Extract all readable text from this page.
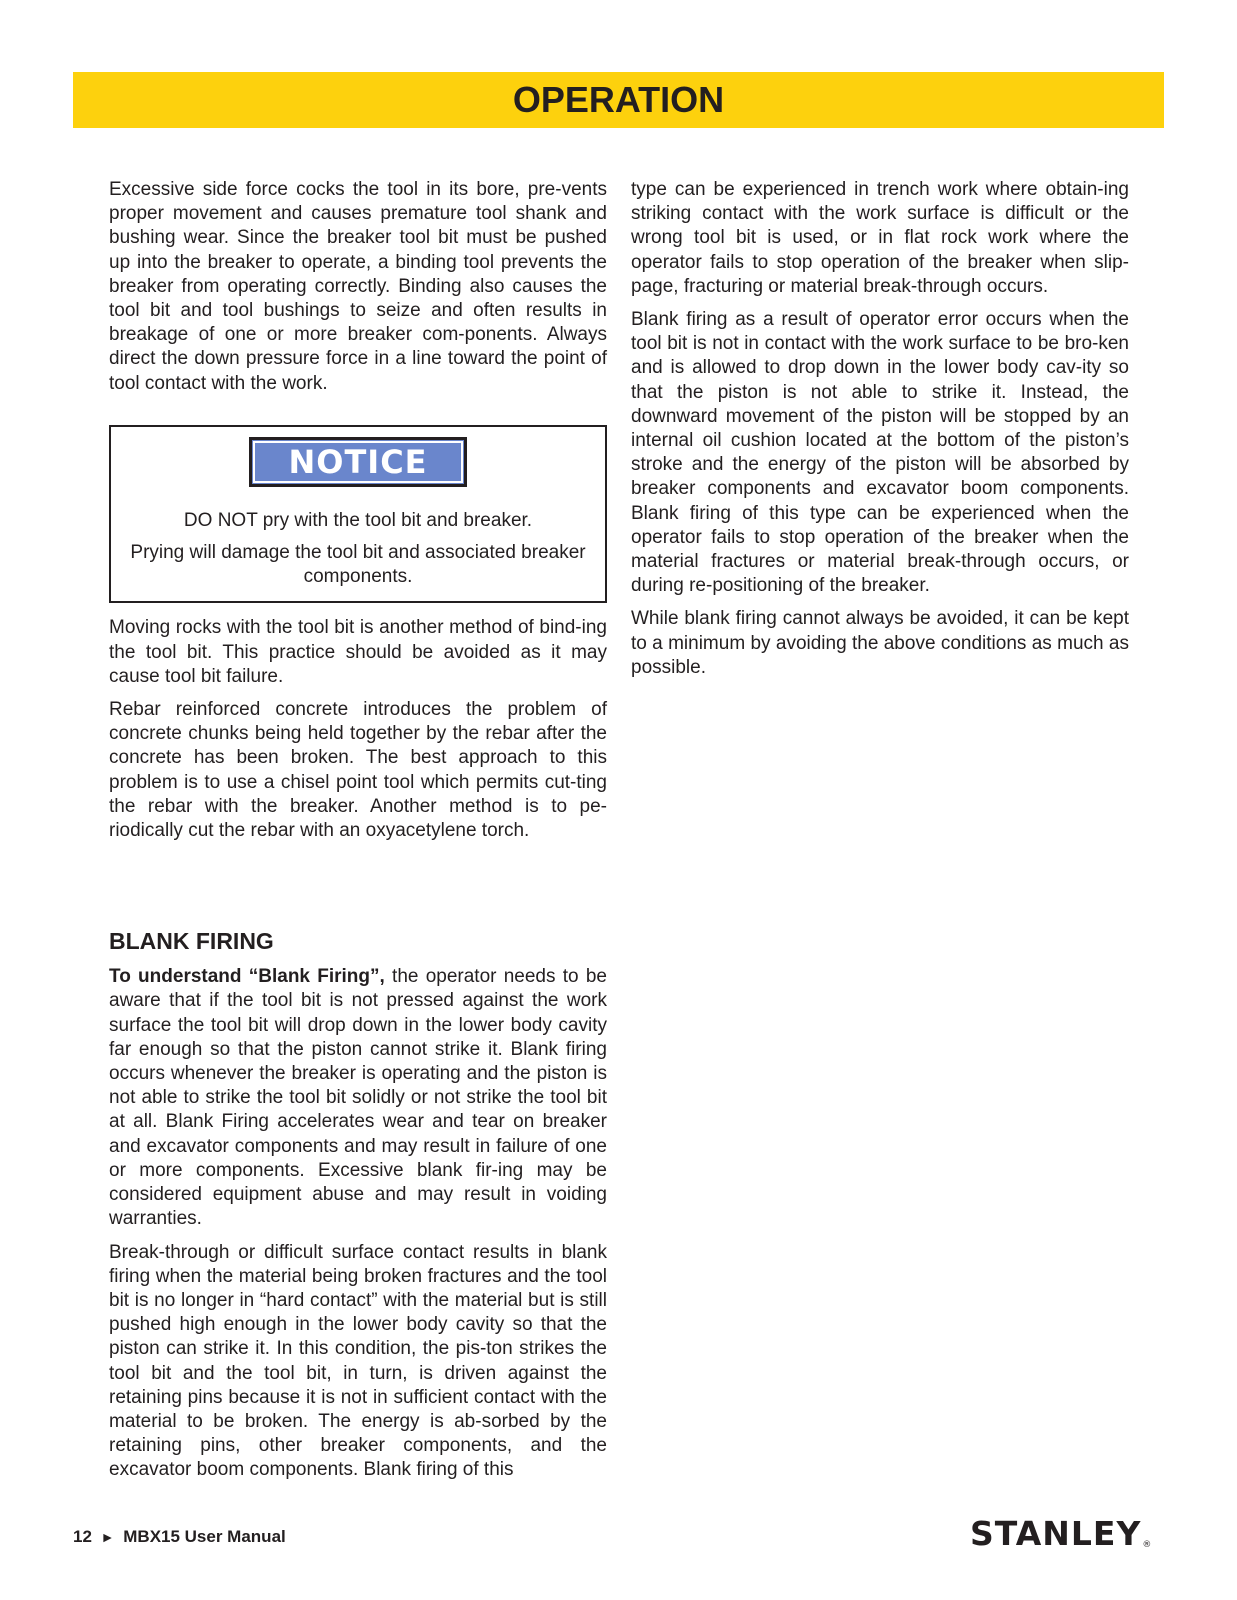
OPERATION

Excessive side force cocks the tool in its bore, pre-vents proper movement and causes premature tool shank and bushing wear. Since the breaker tool bit must be pushed up into the breaker to operate, a binding tool prevents the breaker from operating correctly. Binding also causes the tool bit and tool bushings to seize and often results in breakage of one or more breaker com-ponents. Always direct the down pressure force in a line toward the point of tool contact with the work.

NOTICE

DO NOT pry with the tool bit and breaker.

Prying will damage the tool bit and associated breaker components.

Moving rocks with the tool bit is another method of bind-ing the tool bit. This practice should be avoided as it may cause tool bit failure.

Rebar reinforced concrete introduces the problem of concrete chunks being held together by the rebar after the concrete has been broken. The best approach to this problem is to use a chisel point tool which permits cut-ting the rebar with the breaker. Another method is to pe-riodically cut the rebar with an oxyacetylene torch.

BLANK FIRING

To understand “Blank Firing”, the operator needs to be aware that if the tool bit is not pressed against the work surface the tool bit will drop down in the lower body cavity far enough so that the piston cannot strike it. Blank firing occurs whenever the breaker is operating and the piston is not able to strike the tool bit solidly or not strike the tool bit at all. Blank Firing accelerates wear and tear on breaker and excavator components and may result in failure of one or more components. Excessive blank fir-ing may be considered equipment abuse and may result in voiding warranties.

Break-through or difficult surface contact results in blank firing when the material being broken fractures and the tool bit is no longer in “hard contact” with the material but is still pushed high enough in the lower body cavity so that the piston can strike it. In this condition, the pis-ton strikes the tool bit and the tool bit, in turn, is driven against the retaining pins because it is not in sufficient contact with the material to be broken. The energy is ab-sorbed by the retaining pins, other breaker components, and the excavator boom components. Blank firing of this

type can be experienced in trench work where obtain-ing striking contact with the work surface is difficult or the wrong tool bit is used, or in flat rock work where the operator fails to stop operation of the breaker when slip-page, fracturing or material break-through occurs.

Blank firing as a result of operator error occurs when the tool bit is not in contact with the work surface to be bro-ken and is allowed to drop down in the lower body cav-ity so that the piston is not able to strike it. Instead, the downward movement of the piston will be stopped by an internal oil cushion located at the bottom of the piston’s stroke and the energy of the piston will be absorbed by breaker components and excavator boom components. Blank firing of this type can be experienced when the operator fails to stop operation of the breaker when the material fractures or material break-through occurs, or during re-positioning of the breaker.

While blank firing cannot always be avoided, it can be kept to a minimum by avoiding the above conditions as much as possible.

12 ► MBX15 User Manual	STANLEY®
